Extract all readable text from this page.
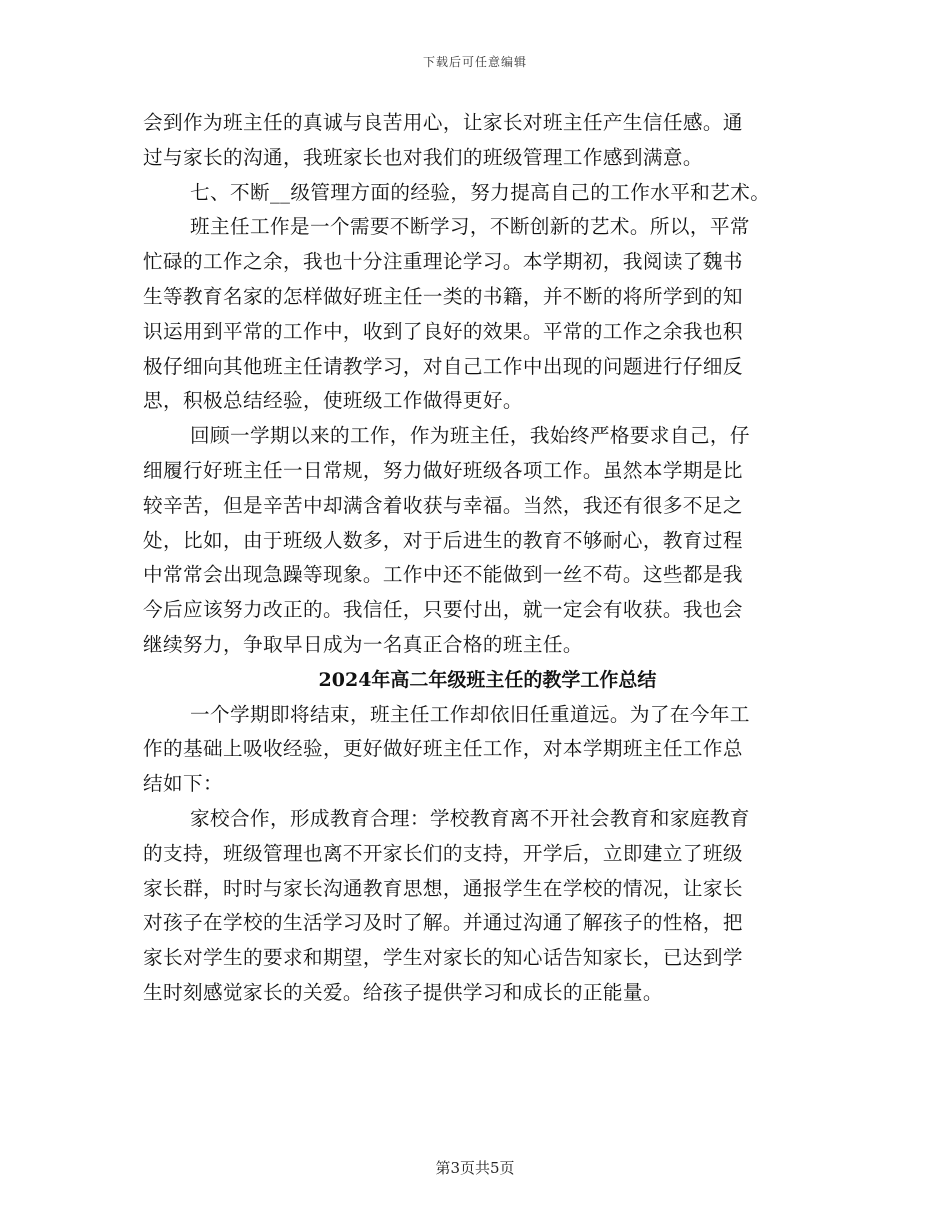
下载后可任意编辑
会到作为班主任的真诚与良苦用心，让家长对班主任产生信任感。通
过与家长的沟通，我班家长也对我们的班级管理工作感到满意。
七、不断__级管理方面的经验，努力提高自己的工作水平和艺术。
班主任工作是一个需要不断学习，不断创新的艺术。所以，平常
忙碌的工作之余，我也十分注重理论学习。本学期初，我阅读了魏书
生等教育名家的怎样做好班主任一类的书籍，并不断的将所学到的知
识运用到平常的工作中，收到了良好的效果。平常的工作之余我也积
极仔细向其他班主任请教学习，对自己工作中出现的问题进行仔细反
思，积极总结经验，使班级工作做得更好。
回顾一学期以来的工作，作为班主任，我始终严格要求自己，仔
细履行好班主任一日常规，努力做好班级各项工作。虽然本学期是比
较辛苦，但是辛苦中却满含着收获与幸福。当然，我还有很多不足之
处，比如，由于班级人数多，对于后进生的教育不够耐心，教育过程
中常常会出现急躁等现象。工作中还不能做到一丝不苟。这些都是我
今后应该努力改正的。我信任，只要付出，就一定会有收获。我也会
继续努力，争取早日成为一名真正合格的班主任。
2024年高二年级班主任的教学工作总结
一个学期即将结束，班主任工作却依旧任重道远。为了在今年工
作的基础上吸收经验，更好做好班主任工作，对本学期班主任工作总
结如下：
家校合作，形成教育合理：学校教育离不开社会教育和家庭教育
的支持，班级管理也离不开家长们的支持，开学后，立即建立了班级
家长群，时时与家长沟通教育思想，通报学生在学校的情况，让家长
对孩子在学校的生活学习及时了解。并通过沟通了解孩子的性格，把
家长对学生的要求和期望，学生对家长的知心话告知家长，已达到学
生时刻感觉家长的关爱。给孩子提供学习和成长的正能量。
第3页共5页
